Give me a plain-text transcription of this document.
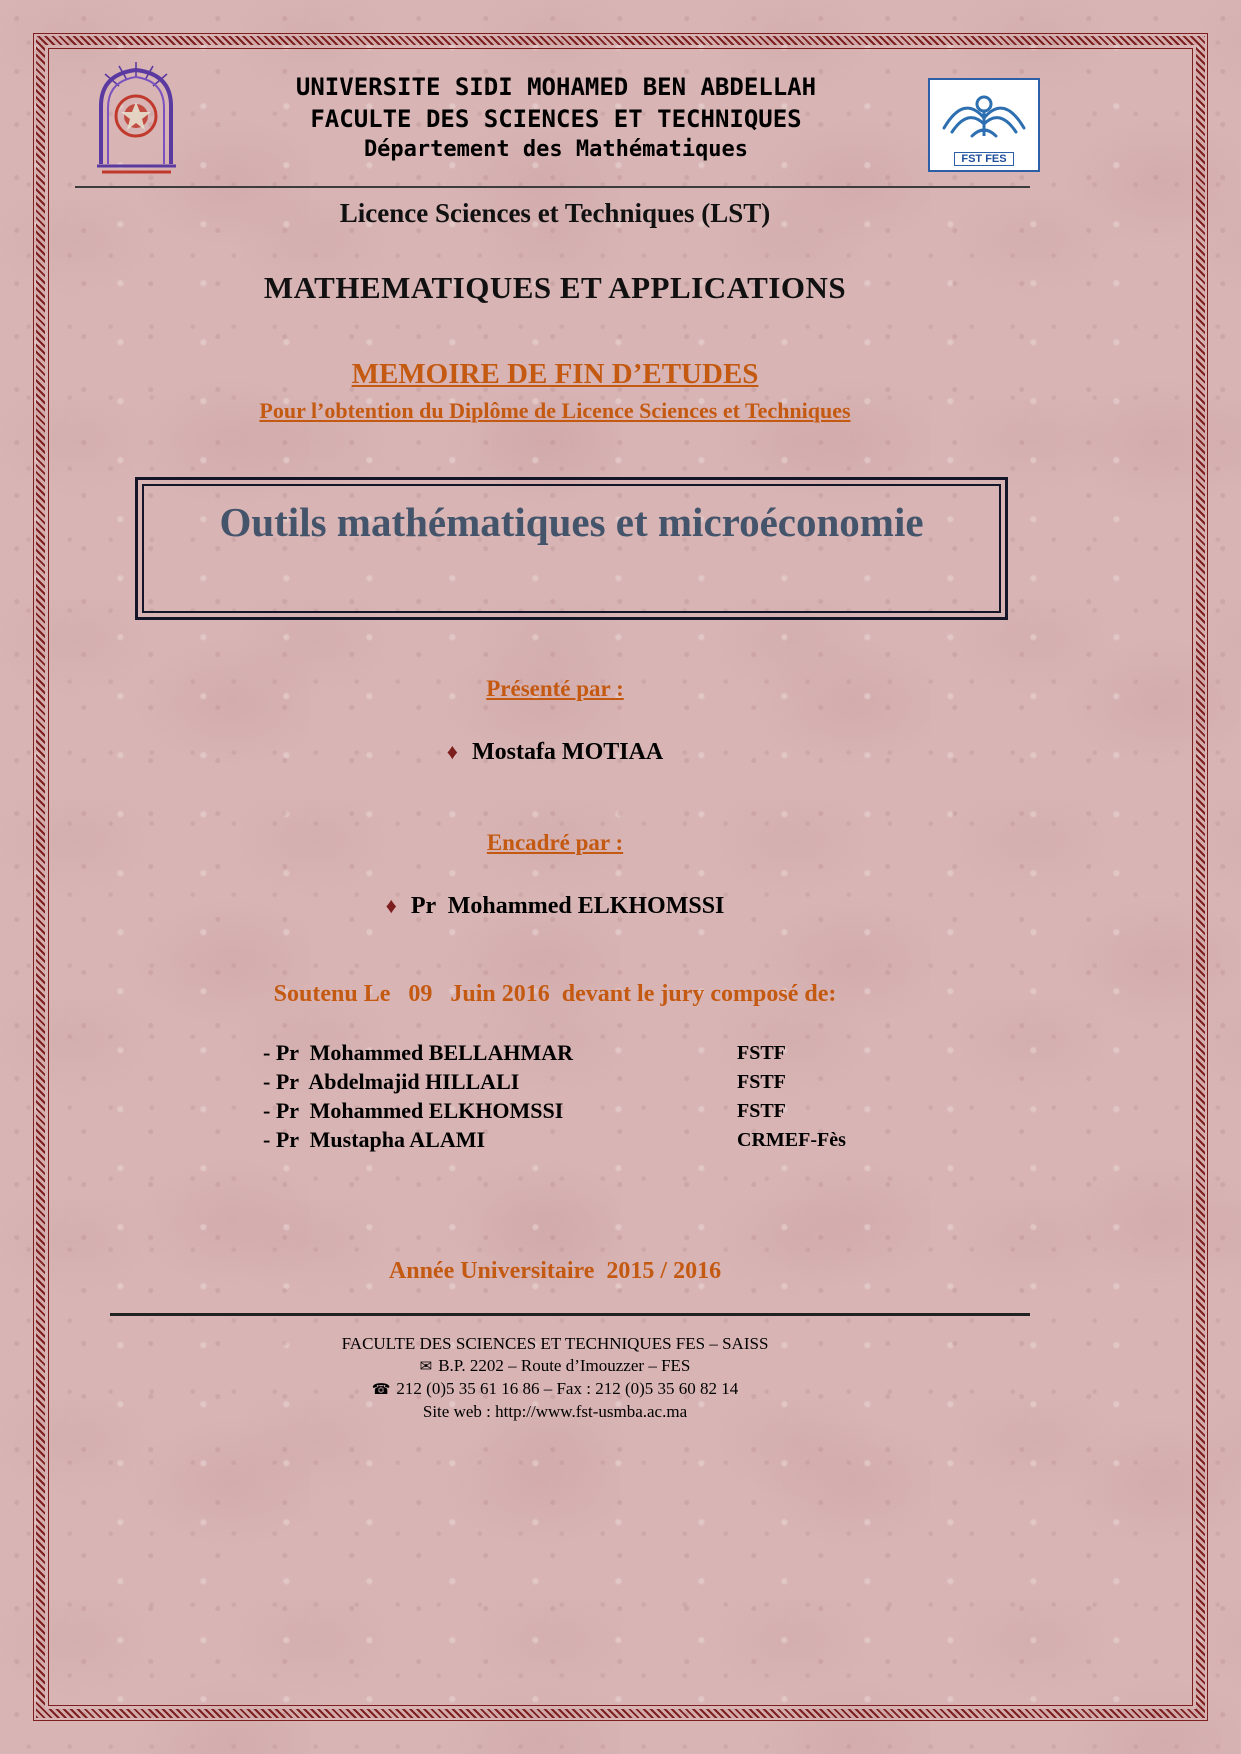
UNIVERSITE SIDI MOHAMED BEN ABDELLAH
FACULTE DES SCIENCES ET TECHNIQUES
Département des Mathématiques	FST FES
Licence Sciences et Techniques (LST)
MATHEMATIQUES ET APPLICATIONS
MEMOIRE DE FIN D’ETUDES
Pour l’obtention du Diplôme de Licence Sciences et Techniques
Outils mathématiques et microéconomie
Présenté par :
♦ Mostafa MOTIAA
Encadré par :
♦ Pr  Mohammed ELKHOMSSI
Soutenu Le   09   Juin 2016  devant le jury composé de:
- Pr  Mohammed BELLAHMAR	FSTF
- Pr  Abdelmajid HILLALI	FSTF
- Pr  Mohammed ELKHOMSSI	FSTF
- Pr  Mustapha ALAMI	CRMEF-Fès
Année Universitaire  2015 / 2016
FACULTE DES SCIENCES ET TECHNIQUES FES – SAISS
✉ B.P. 2202 – Route d’Imouzzer – FES
☎ 212 (0)5 35 61 16 86 – Fax : 212 (0)5 35 60 82 14
Site web : http://www.fst-usmba.ac.ma
